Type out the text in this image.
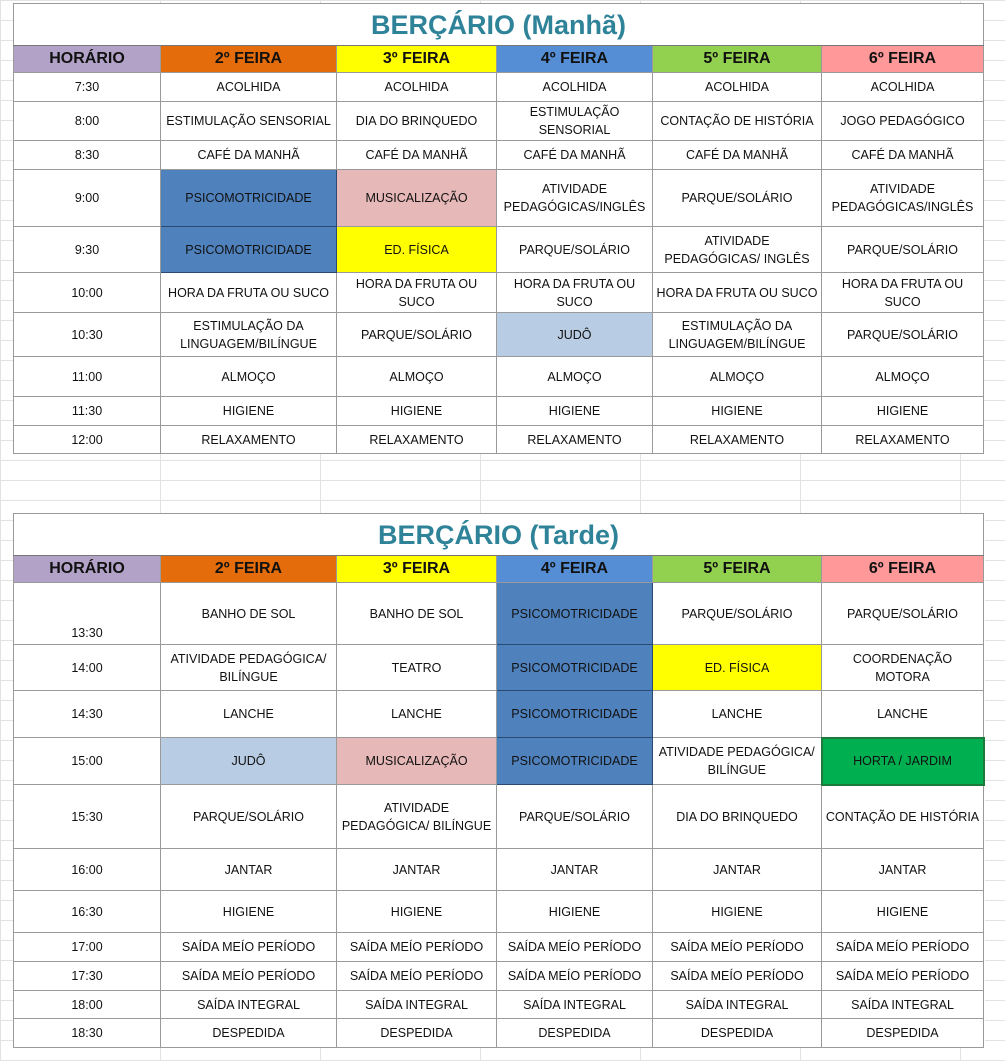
BERÇÁRIO (Manhã)					
HORÁRIO	2º FEIRA	3º FEIRA	4º FEIRA	5º FEIRA	6º FEIRA
7:30	ACOLHIDA	ACOLHIDA	ACOLHIDA	ACOLHIDA	ACOLHIDA
8:00	ESTIMULAÇÃO SENSORIAL	DIA DO BRINQUEDO	ESTIMULAÇÃO SENSORIAL	CONTAÇÃO DE HISTÓRIA	JOGO PEDAGÓGICO
8:30	CAFÉ DA MANHÃ	CAFÉ DA MANHÃ	CAFÉ DA MANHÃ	CAFÉ DA MANHÃ	CAFÉ DA MANHÃ
9:00	PSICOMOTRICIDADE	MUSICALIZAÇÃO	ATIVIDADE PEDAGÓGICAS/INGLÊS	PARQUE/SOLÁRIO	ATIVIDADE PEDAGÓGICAS/INGLÊS
9:30	PSICOMOTRICIDADE	ED. FÍSICA	PARQUE/SOLÁRIO	ATIVIDADE PEDAGÓGICAS/ INGLÊS	PARQUE/SOLÁRIO
10:00	HORA DA FRUTA OU SUCO	HORA DA FRUTA OU SUCO	HORA DA FRUTA OU SUCO	HORA DA FRUTA OU SUCO	HORA DA FRUTA OU SUCO
10:30	ESTIMULAÇÃO DA LINGUAGEM/BILÍNGUE	PARQUE/SOLÁRIO	JUDÔ	ESTIMULAÇÃO DA LINGUAGEM/BILÍNGUE	PARQUE/SOLÁRIO
11:00	ALMOÇO	ALMOÇO	ALMOÇO	ALMOÇO	ALMOÇO
11:30	HIGIENE	HIGIENE	HIGIENE	HIGIENE	HIGIENE
12:00	RELAXAMENTO	RELAXAMENTO	RELAXAMENTO	RELAXAMENTO	RELAXAMENTO
BERÇÁRIO (Tarde)					
HORÁRIO	2º FEIRA	3º FEIRA	4º FEIRA	5º FEIRA	6º FEIRA
13:30	BANHO DE SOL	BANHO DE SOL	PSICOMOTRICIDADE	PARQUE/SOLÁRIO	PARQUE/SOLÁRIO
14:00	ATIVIDADE PEDAGÓGICA/ BILÍNGUE	TEATRO	PSICOMOTRICIDADE	ED. FÍSICA	COORDENAÇÃO MOTORA
14:30	LANCHE	LANCHE	PSICOMOTRICIDADE	LANCHE	LANCHE
15:00	JUDÔ	MUSICALIZAÇÃO	PSICOMOTRICIDADE	ATIVIDADE PEDAGÓGICA/ BILÍNGUE	HORTA / JARDIM
15:30	PARQUE/SOLÁRIO	ATIVIDADE PEDAGÓGICA/ BILÍNGUE	PARQUE/SOLÁRIO	DIA DO BRINQUEDO	CONTAÇÃO DE HISTÓRIA
16:00	JANTAR	JANTAR	JANTAR	JANTAR	JANTAR
16:30	HIGIENE	HIGIENE	HIGIENE	HIGIENE	HIGIENE
17:00	SAÍDA MEÍO PERÍODO	SAÍDA MEÍO PERÍODO	SAÍDA MEÍO PERÍODO	SAÍDA MEÍO PERÍODO	SAÍDA MEÍO PERÍODO
17:30	SAÍDA MEÍO PERÍODO	SAÍDA MEÍO PERÍODO	SAÍDA MEÍO PERÍODO	SAÍDA MEÍO PERÍODO	SAÍDA MEÍO PERÍODO
18:00	SAÍDA INTEGRAL	SAÍDA INTEGRAL	SAÍDA INTEGRAL	SAÍDA INTEGRAL	SAÍDA INTEGRAL
18:30	DESPEDIDA	DESPEDIDA	DESPEDIDA	DESPEDIDA	DESPEDIDA
